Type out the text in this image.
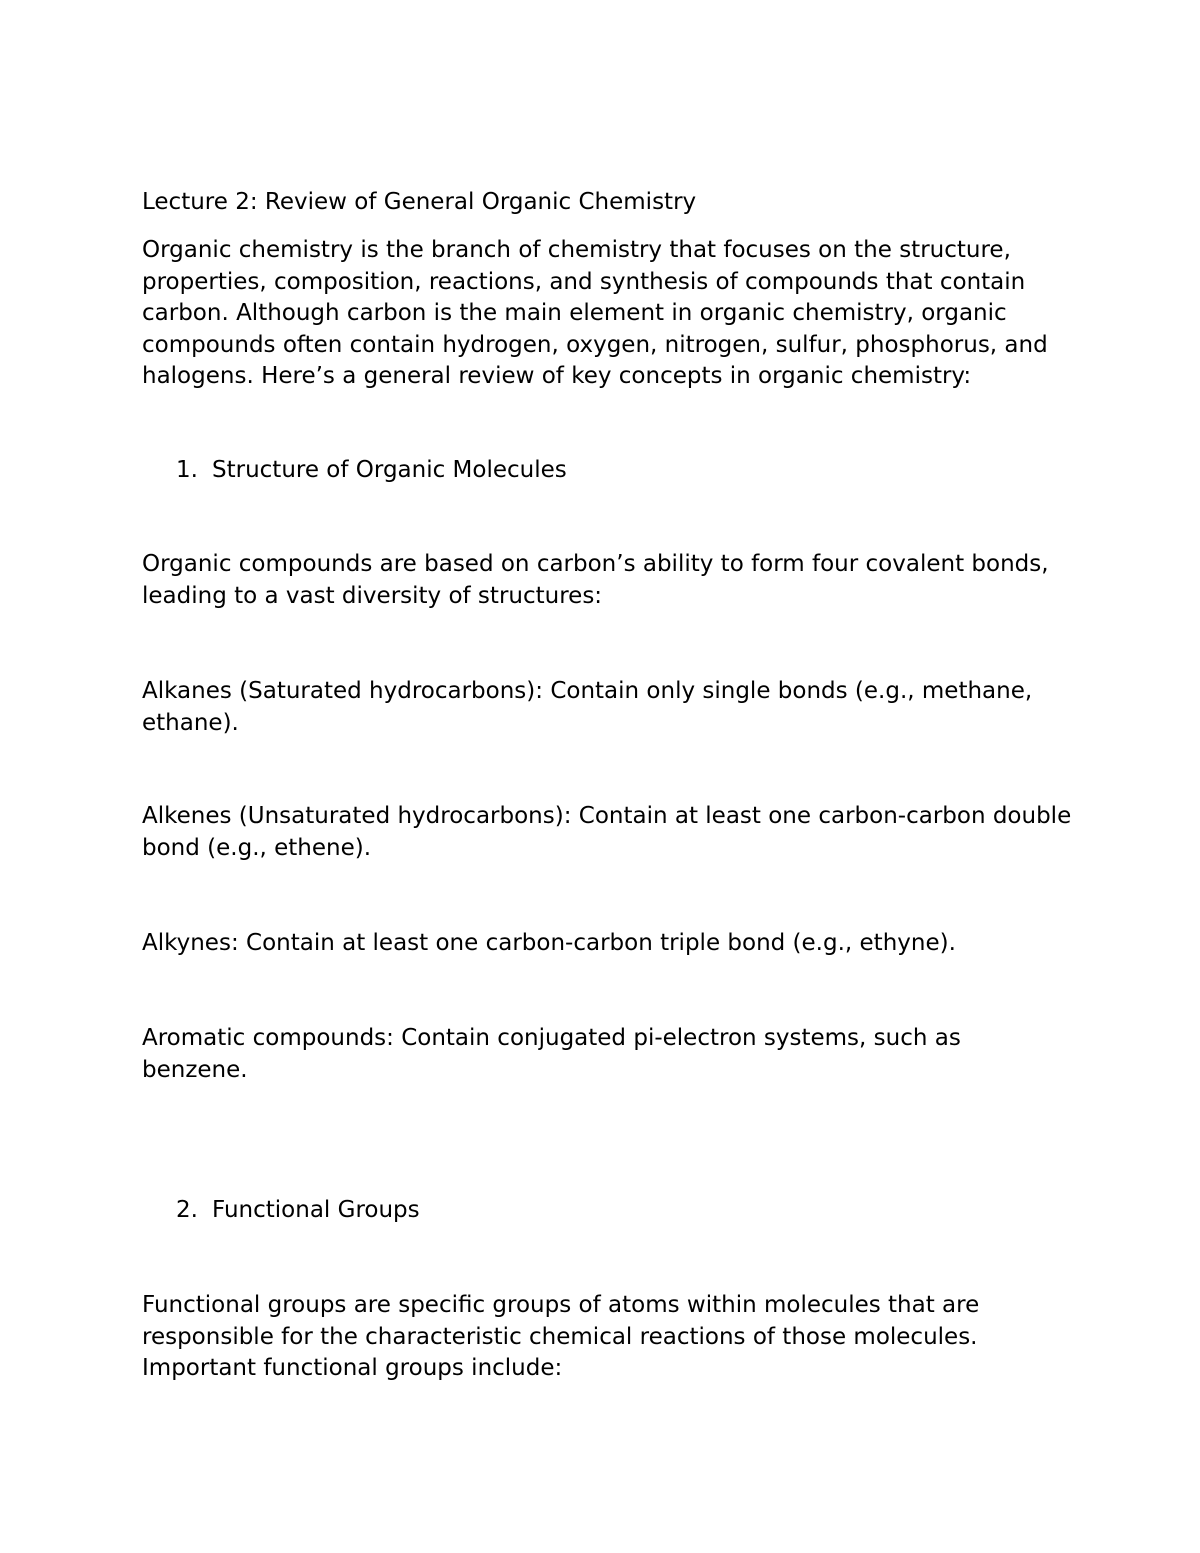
Lecture 2: Review of General Organic Chemistry

Organic chemistry is the branch of chemistry that focuses on the structure, properties, composition, reactions, and synthesis of compounds that contain carbon. Although carbon is the main element in organic chemistry, organic compounds often contain hydrogen, oxygen, nitrogen, sulfur, phosphorus, and halogens. Here’s a general review of key concepts in organic chemistry:

1. Structure of Organic Molecules

Organic compounds are based on carbon’s ability to form four covalent bonds, leading to a vast diversity of structures:

Alkanes (Saturated hydrocarbons): Contain only single bonds (e.g., methane, ethane).

Alkenes (Unsaturated hydrocarbons): Contain at least one carbon-carbon double bond (e.g., ethene).

Alkynes: Contain at least one carbon-carbon triple bond (e.g., ethyne).

Aromatic compounds: Contain conjugated pi-electron systems, such as benzene.

2. Functional Groups

Functional groups are specific groups of atoms within molecules that are responsible for the characteristic chemical reactions of those molecules. Important functional groups include:
